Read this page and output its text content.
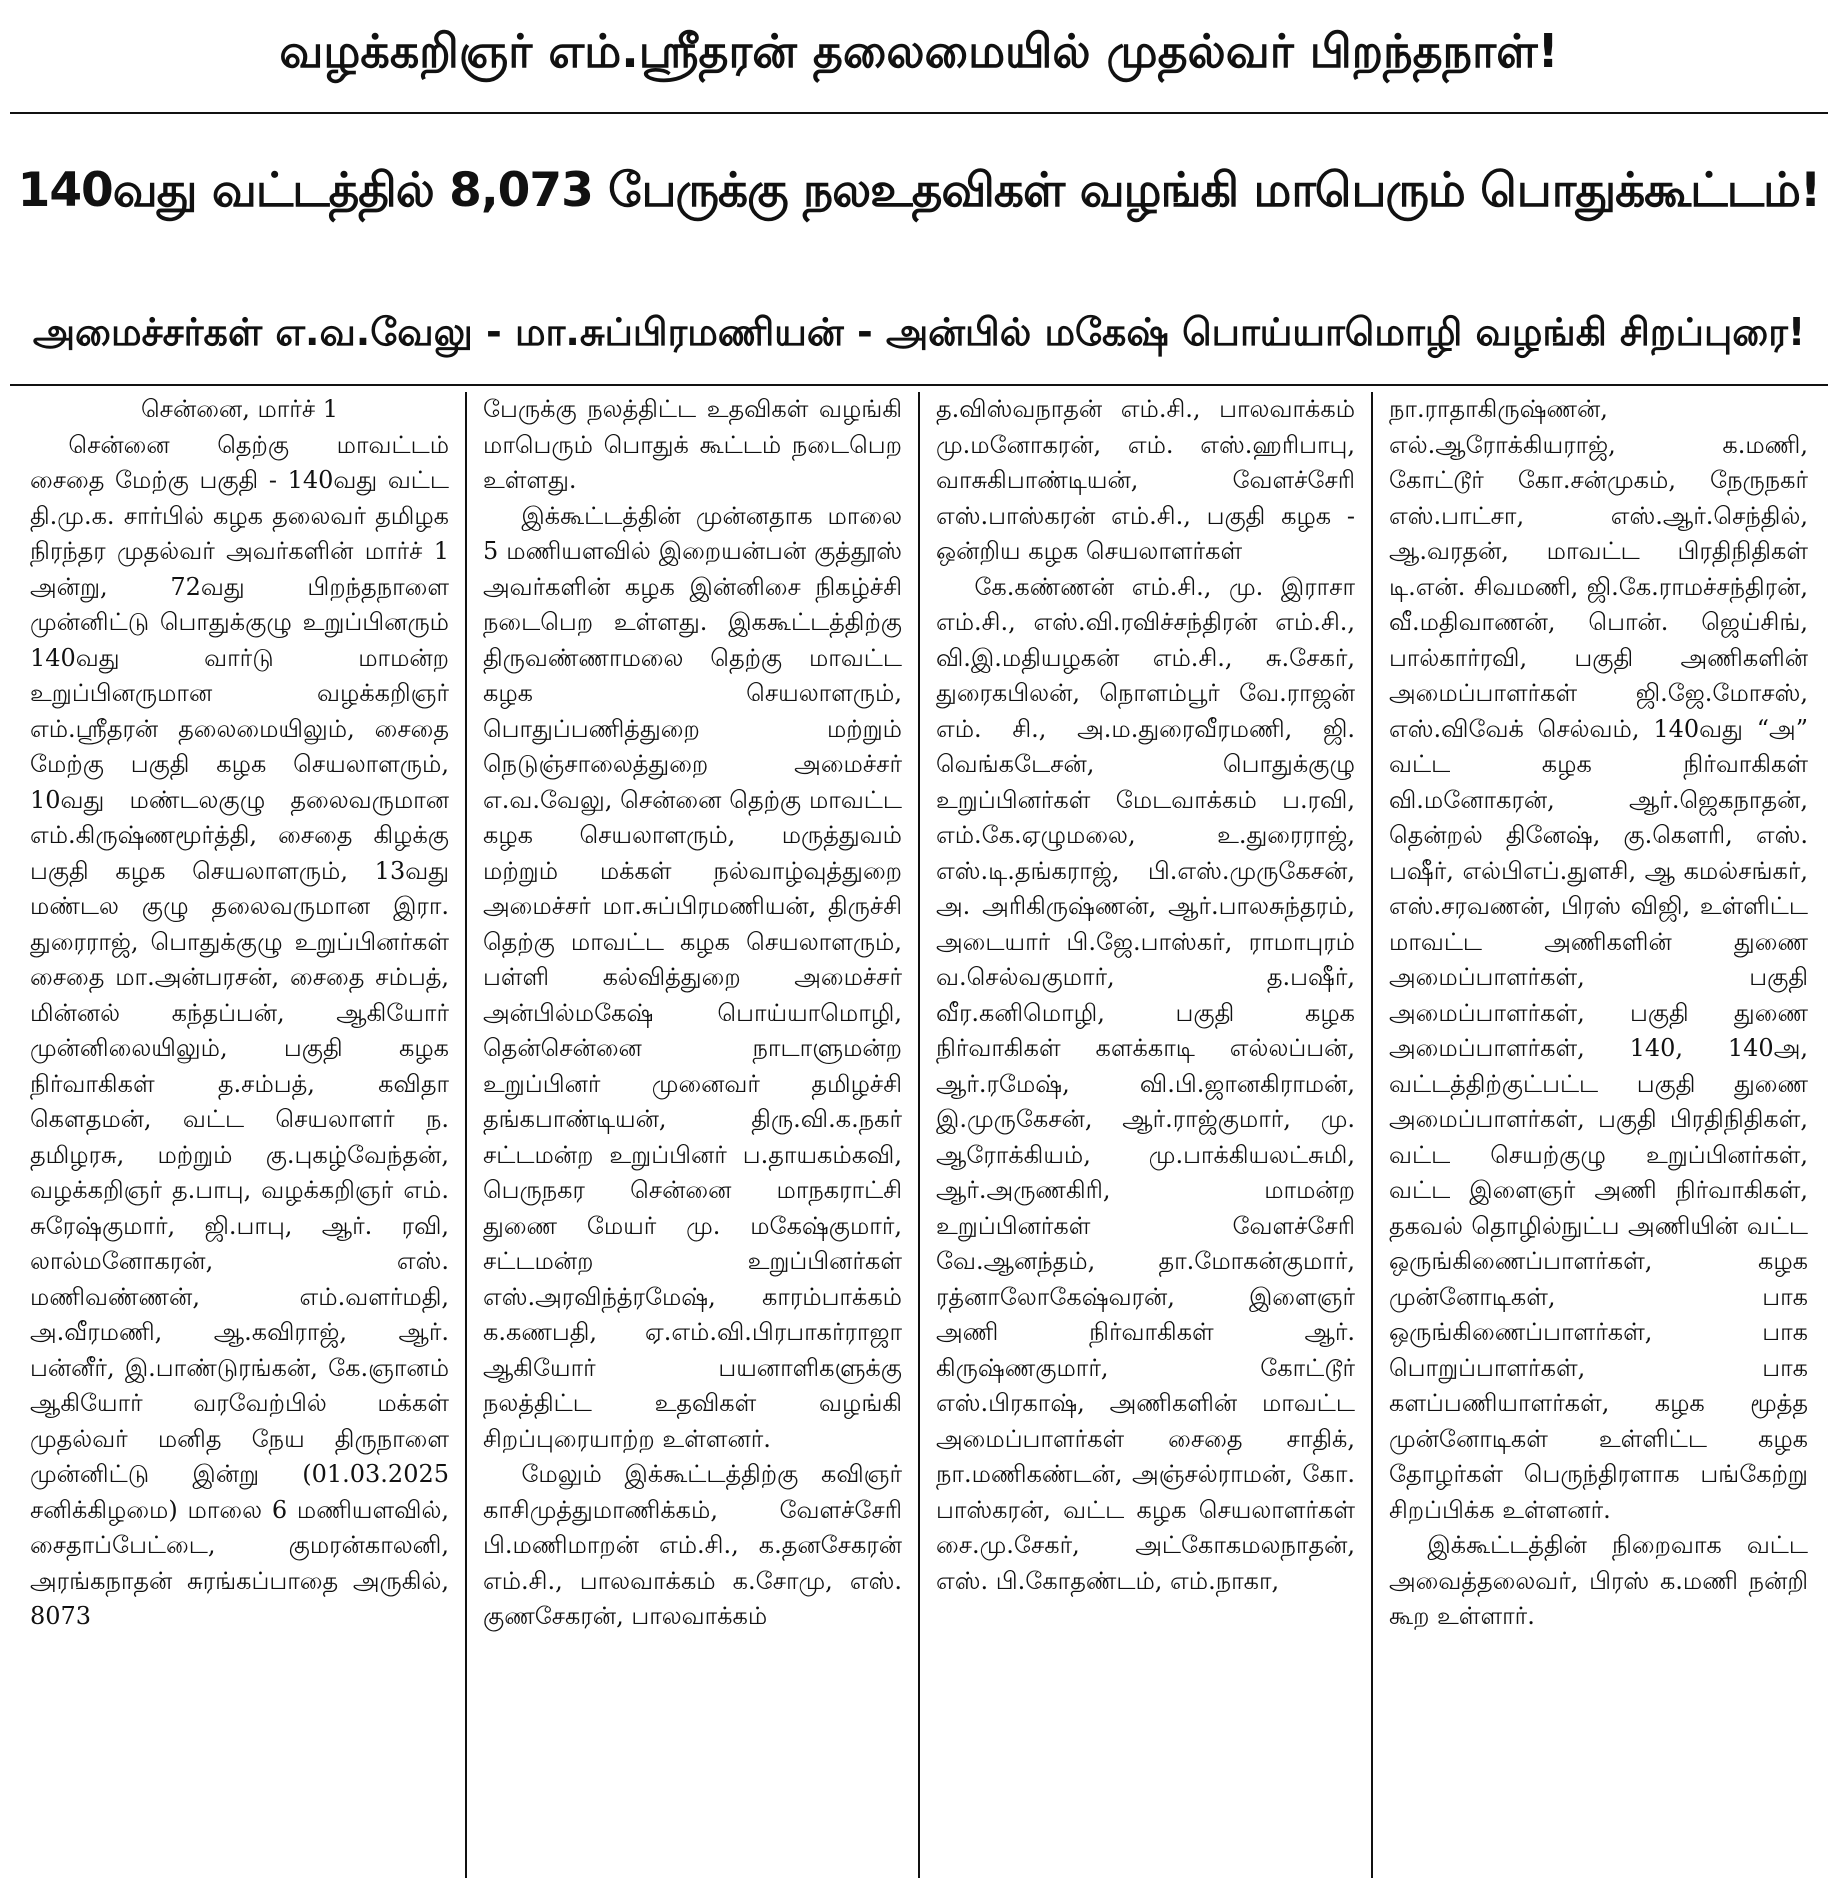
வழக்கறிஞர் எம்.ஸ்ரீதரன் தலைமையில் முதல்வர் பிறந்தநாள்!
140வது வட்டத்தில் 8,073 பேருக்கு நலஉதவிகள் வழங்கி மாபெரும் பொதுக்கூட்டம்!
அமைச்சர்கள் எ.வ.வேலு - மா.சுப்பிரமணியன் - அன்பில் மகேஷ் பொய்யாமொழி வழங்கி சிறப்புரை!

சென்னை, மார்ச் 1

சென்னை தெற்கு மாவட்டம் சைதை மேற்கு பகுதி - 140வது வட்ட தி.மு.க. சார்பில் கழக தலைவர் தமிழக நிரந்தர முதல்வர் அவர்களின் மார்ச் 1 அன்று, 72வது பிறந்தநாளை முன்னிட்டு பொதுக்குழு உறுப்பினரும் 140வது வார்டு மாமன்ற உறுப்பினருமான வழக்கறிஞர் எம்.ஸ்ரீதரன் தலைமையிலும், சைதை மேற்கு பகுதி கழக செயலாளரும், 10வது மண்டலகுழு தலைவருமான எம்.கிருஷ்ணமூர்த்தி, சைதை கிழக்கு பகுதி கழக செயலாளரும், 13வது மண்டல குழு தலைவருமான இரா. துரைராஜ், பொதுக்குழு உறுப்பினர்கள் சைதை மா.அன்பரசன், சைதை சம்பத், மின்னல் கந்தப்பன், ஆகியோர் முன்னிலையிலும், பகுதி கழக நிர்வாகிகள் த.சம்பத், கவிதா கௌதமன், வட்ட செயலாளர் ந. தமிழரசு, மற்றும் கு.புகழ்வேந்தன், வழக்கறிஞர் த.பாபு, வழக்கறிஞர் எம். சுரேஷ்குமார், ஜி.பாபு, ஆர். ரவி, லால்மனோகரன், எஸ். மணிவண்ணன், எம்.வளர்மதி, அ.வீரமணி, ஆ.கவிராஜ், ஆர். பன்னீர், இ.பாண்டுரங்கன், கே.ஞானம் ஆகியோர் வரவேற்பில் மக்கள் முதல்வர் மனித நேய திருநாளை முன்னிட்டு இன்று (01.03.2025 சனிக்கிழமை) மாலை 6 மணியளவில், சைதாப்பேட்டை, குமரன்காலனி, அரங்கநாதன் சுரங்கப்பாதை அருகில், 8073

பேருக்கு நலத்திட்ட உதவிகள் வழங்கி மாபெரும் பொதுக் கூட்டம் நடைபெற உள்ளது.

இக்கூட்டத்தின் முன்னதாக மாலை 5 மணியளவில் இறையன்பன் குத்தூஸ் அவர்களின் கழக இன்னிசை நிகழ்ச்சி நடைபெற உள்ளது. இககூட்டத்திற்கு திருவண்ணாமலை தெற்கு மாவட்ட கழக செயலாளரும், பொதுப்பணித்துறை மற்றும் நெடுஞ்சாலைத்துறை அமைச்சர் எ.வ.வேலு, சென்னை தெற்கு மாவட்ட கழக செயலாளரும், மருத்துவம் மற்றும் மக்கள் நல்வாழ்வுத்துறை அமைச்சர் மா.சுப்பிரமணியன், திருச்சி தெற்கு மாவட்ட கழக செயலாளரும், பள்ளி கல்வித்துறை அமைச்சர் அன்பில்மகேஷ் பொய்யாமொழி, தென்சென்னை நாடாளுமன்ற உறுப்பினர் முனைவர் தமிழச்சி தங்கபாண்டியன், திரு.வி.க.நகர் சட்டமன்ற உறுப்பினர் ப.தாயகம்கவி, பெருநகர சென்னை மாநகராட்சி துணை மேயர் மு. மகேஷ்குமார், சட்டமன்ற உறுப்பினர்கள் எஸ்.அரவிந்த்ரமேஷ், காரம்பாக்கம் க.கணபதி, ஏ.எம்.வி.பிரபாகர்ராஜா ஆகியோர் பயனாளிகளுக்கு நலத்திட்ட உதவிகள் வழங்கி சிறப்புரையாற்ற உள்ளனர்.

மேலும் இக்கூட்டத்திற்கு கவிஞர் காசிமுத்துமாணிக்கம், வேளச்சேரி பி.மணிமாறன் எம்.சி., க.தனசேகரன் எம்.சி., பாலவாக்கம் க.சோமு, எஸ். குணசேகரன், பாலவாக்கம்

த.விஸ்வநாதன் எம்.சி., பாலவாக்கம் மு.மனோகரன், எம். எஸ்.ஹரிபாபு, வாசுகிபாண்டியன், வேளச்சேரி எஸ்.பாஸ்கரன் எம்.சி., பகுதி கழக - ஒன்றிய கழக செயலாளர்கள்

கே.கண்ணன் எம்.சி., மு. இராசா எம்.சி., எஸ்.வி.ரவிச்சந்திரன் எம்.சி., வி.இ.மதியழகன் எம்.சி., சு.சேகர், துரைகபிலன், நொளம்பூர் வே.ராஜன் எம். சி., அ.ம.துரைவீரமணி, ஜி. வெங்கடேசன், பொதுக்குழு உறுப்பினர்கள் மேடவாக்கம் ப.ரவி, எம்.கே.ஏழுமலை, உ.துரைராஜ், எஸ்.டி.தங்கராஜ், பி.எஸ்.முருகேசன், அ. அரிகிருஷ்ணன், ஆர்.பாலசுந்தரம், அடையார் பி.ஜே.பாஸ்கர், ராமாபுரம் வ.செல்வகுமார், த.பஷீர், வீர.கனிமொழி, பகுதி கழக நிர்வாகிகள் களக்காடி எல்லப்பன், ஆர்.ரமேஷ், வி.பி.ஜானகிராமன், இ.முருகேசன், ஆர்.ராஜ்குமார், மு. ஆரோக்கியம், மு.பாக்கியலட்சுமி, ஆர்.அருணகிரி, மாமன்ற உறுப்பினர்கள் வேளச்சேரி வே.ஆனந்தம், தா.மோகன்குமார், ரத்னாலோகேஷ்வரன், இளைஞர் அணி நிர்வாகிகள் ஆர். கிருஷ்ணகுமார், கோட்டூர் எஸ்.பிரகாஷ், அணிகளின் மாவட்ட அமைப்பாளர்கள் சைதை சாதிக், நா.மணிகண்டன், அஞ்சல்ராமன், கோ. பாஸ்கரன், வட்ட கழக செயலாளர்கள் சை.மு.சேகர், அட்கோகமலநாதன், எஸ். பி.கோதண்டம், எம்.நாகா,

நா.ராதாகிருஷ்ணன், எல்.ஆரோக்கியராஜ், க.மணி, கோட்டூர் கோ.சன்முகம், நேருநகர் எஸ்.பாட்சா, எஸ்.ஆர்.செந்தில், ஆ.வரதன், மாவட்ட பிரதிநிதிகள் டி.என். சிவமணி, ஜி.கே.ராமச்சந்திரன், வீ.மதிவாணன், பொன். ஜெய்சிங், பால்கார்ரவி, பகுதி அணிகளின் அமைப்பாளர்கள் ஜி.ஜே.மோசஸ், எஸ்.விவேக் செல்வம், 140வது “அ” வட்ட கழக நிர்வாகிகள் வி.மனோகரன், ஆர்.ஜெகநாதன், தென்றல் தினேஷ், கு.கௌரி, எஸ். பஷீர், எல்பிஎப்.துளசி, ஆ கமல்சங்கர், எஸ்.சரவணன், பிரஸ் விஜி, உள்ளிட்ட மாவட்ட அணிகளின் துணை அமைப்பாளர்கள், பகுதி அமைப்பாளர்கள், பகுதி துணை அமைப்பாளர்கள், 140, 140அ, வட்டத்திற்குட்பட்ட பகுதி துணை அமைப்பாளர்கள், பகுதி பிரதிநிதிகள், வட்ட செயற்குழு உறுப்பினர்கள், வட்ட இளைஞர் அணி நிர்வாகிகள், தகவல் தொழில்நுட்ப அணியின் வட்ட ஒருங்கிணைப்பாளர்கள், கழக முன்னோடிகள், பாக ஒருங்கிணைப்பாளர்கள், பாக பொறுப்பாளர்கள், பாக களப்பணியாளர்கள், கழக மூத்த முன்னோடிகள் உள்ளிட்ட கழக தோழர்கள் பெருந்திரளாக பங்கேற்று சிறப்பிக்க உள்ளனர்.

இக்கூட்டத்தின் நிறைவாக வட்ட அவைத்தலைவர், பிரஸ் க.மணி நன்றி கூற உள்ளார்.
